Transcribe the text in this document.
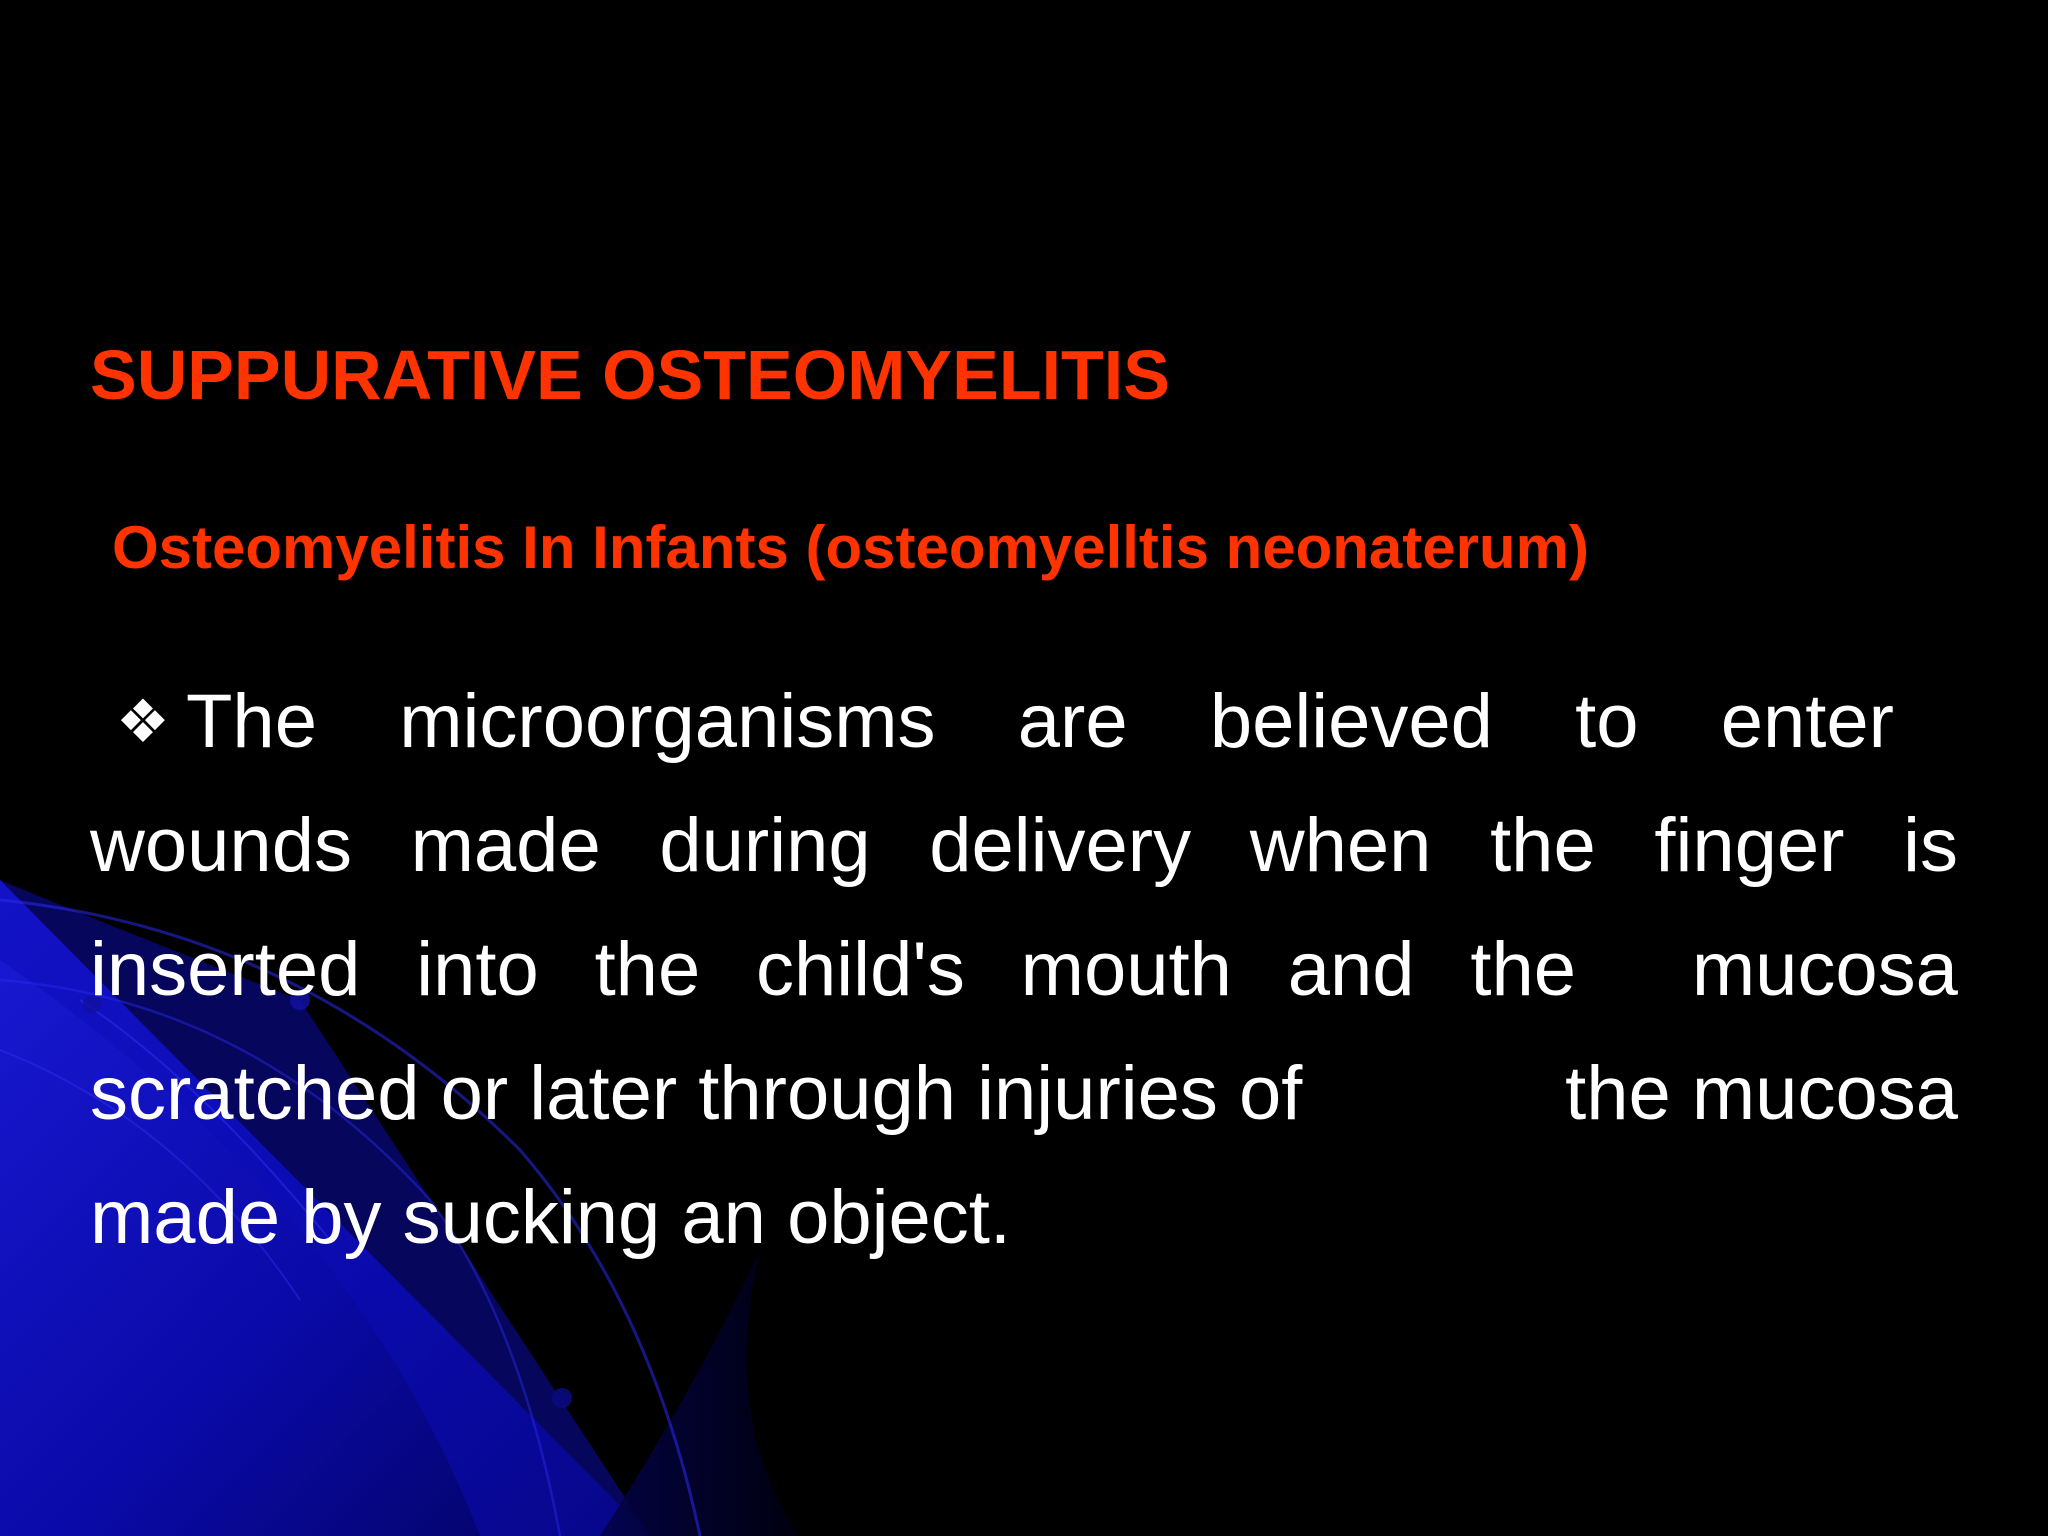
SUPPURATIVE OSTEOMYELITIS
Osteomyelitis In Infants (osteomyelltis neonaterum)
❖ The microorganisms are believed to enter
wounds made during delivery when the finger is
inserted into the child's mouth and the mucosa
scratched or later through injuries of	the mucosa
made by sucking an object.
